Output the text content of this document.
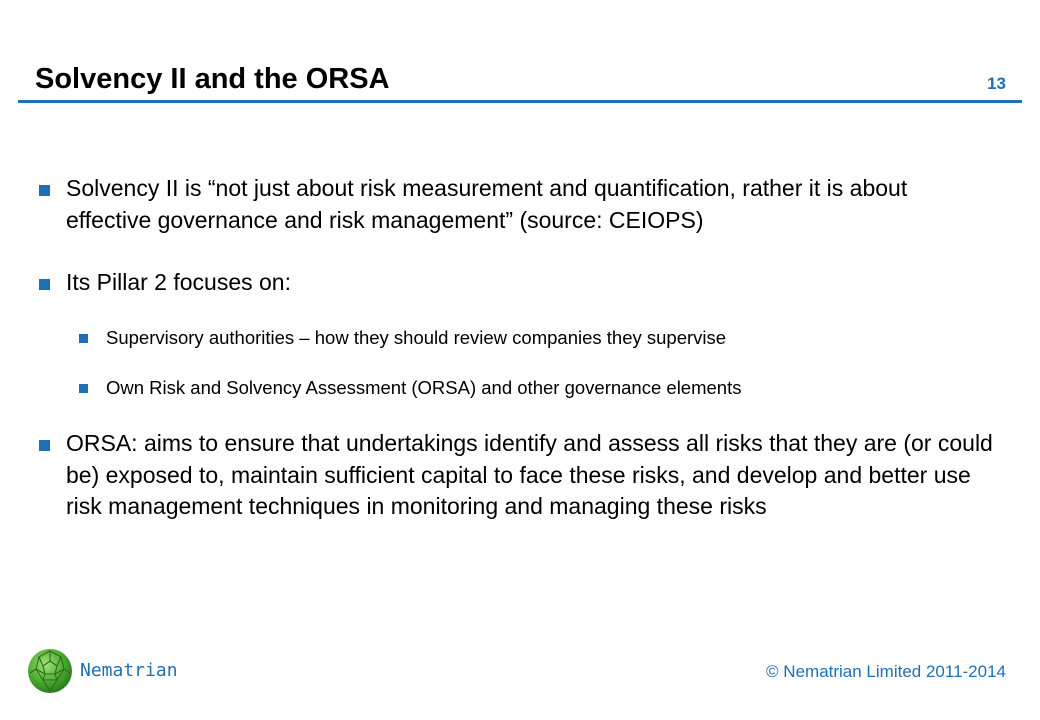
Solvency II and the ORSA	13
Solvency II is “not just about risk measurement and quantification, rather it is about effective governance and risk management” (source: CEIOPS)
Its Pillar 2 focuses on:
Supervisory authorities – how they should review companies they supervise
Own Risk and Solvency Assessment (ORSA) and other governance elements
ORSA: aims to ensure that undertakings identify and assess all risks that they are (or could be) exposed to, maintain sufficient capital to face these risks, and develop and better use risk management techniques in monitoring and managing these risks
Nematrian	© Nematrian Limited 2011-2014
